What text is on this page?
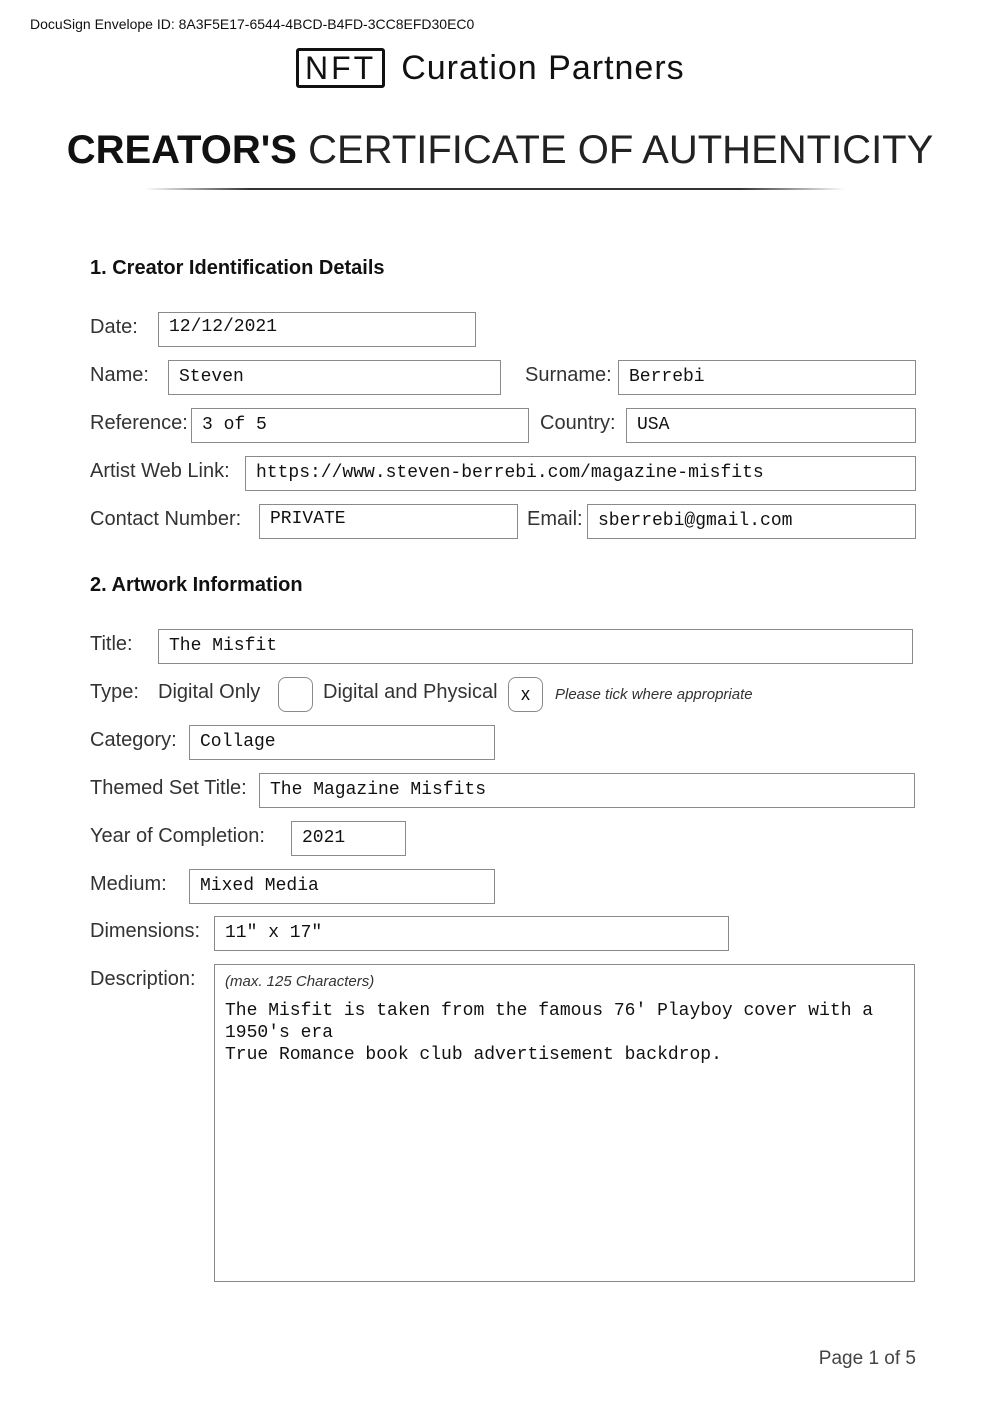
DocuSign Envelope ID: 8A3F5E17-6544-4BCD-B4FD-3CC8EFD30EC0
NFT Curation Partners
CREATOR'S CERTIFICATE OF AUTHENTICITY
1. Creator Identification Details
Date:	12/12/2021
Name:	Steven	Surname: Berrebi
Reference: 3 of 5	Country:	USA
Artist Web Link:	https://www.steven-berrebi.com/magazine-misfits
Contact Number:	PRIVATE	Email: sberrebi@gmail.com
2. Artwork Information
Title:	The Misfit
Type: Digital Only	Digital and Physical	x	Please tick where appropriate
Category:	Collage
Themed Set Title:	The Magazine Misfits
Year of Completion:	2021
Medium:	Mixed Media
Dimensions:	11″ x 17″
Description:	(max. 125 Characters)
The Misfit is taken from the famous 76' Playboy cover with a 1950's era
True Romance book club advertisement backdrop.
Page 1 of 5
